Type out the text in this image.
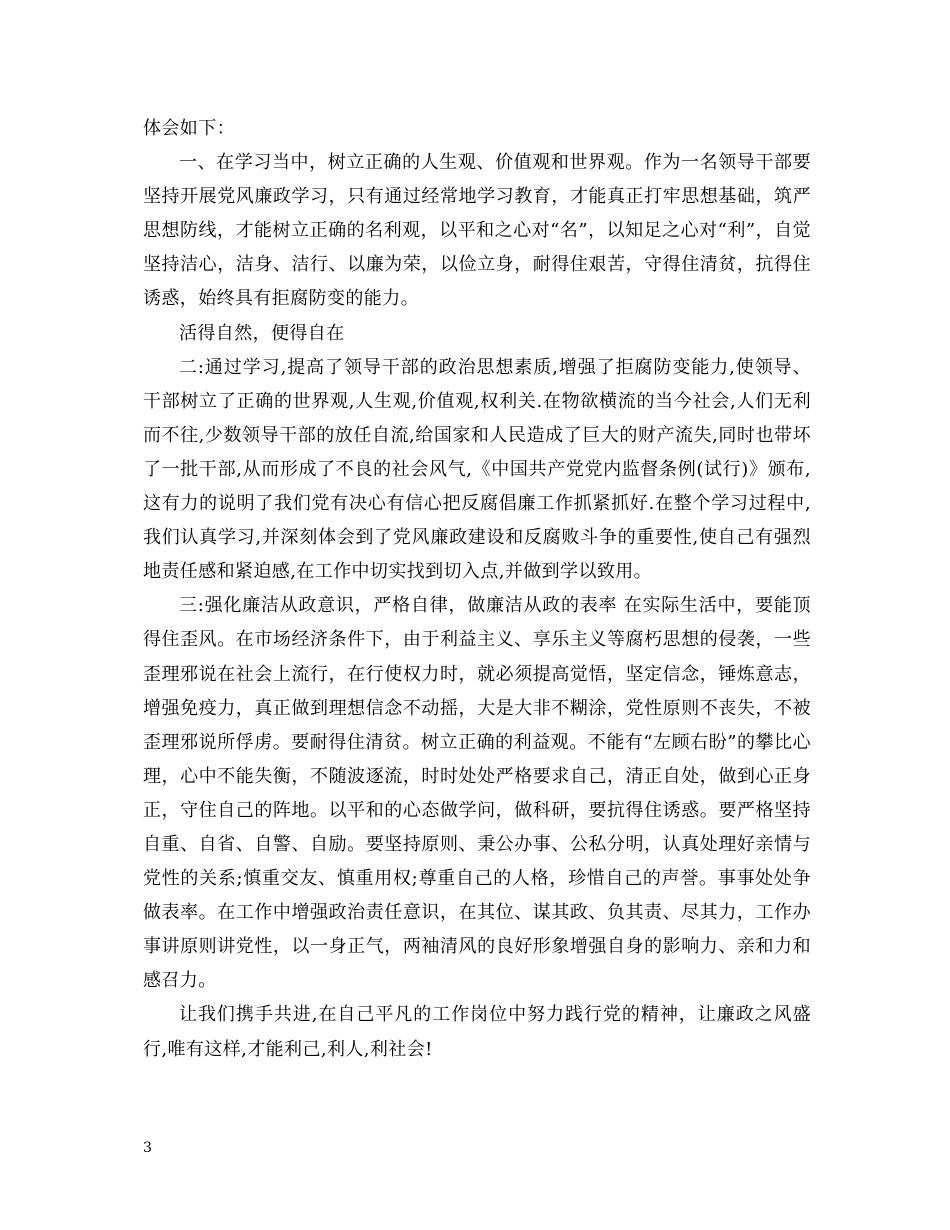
体会如下：

一、在学习当中，树立正确的人生观、价值观和世界观。作为一名领导干部要坚持开展党风廉政学习，只有通过经常地学习教育，才能真正打牢思想基础，筑严思想防线，才能树立正确的名利观，以平和之心对“名”，以知足之心对“利”，自觉坚持洁心，洁身、洁行、以廉为荣，以俭立身，耐得住艰苦，守得住清贫，抗得住诱惑，始终具有拒腐防变的能力。

活得自然，便得自在

二:通过学习,提高了领导干部的政治思想素质,增强了拒腐防变能力,使领导、干部树立了正确的世界观,人生观,价值观,权利关.在物欲横流的当今社会,人们无利而不往,少数领导干部的放任自流,给国家和人民造成了巨大的财产流失,同时也带坏了一批干部,从而形成了不良的社会风气,《中国共产党党内监督条例(试行)》颁布,这有力的说明了我们党有决心有信心把反腐倡廉工作抓紧抓好.在整个学习过程中,我们认真学习,并深刻体会到了党风廉政建设和反腐败斗争的重要性,使自己有强烈地责任感和紧迫感,在工作中切实找到切入点,并做到学以致用。

三:强化廉洁从政意识，严格自律，做廉洁从政的表率 在实际生活中，要能顶得住歪风。在市场经济条件下，由于利益主义、享乐主义等腐朽思想的侵袭，一些歪理邪说在社会上流行，在行使权力时，就必须提高觉悟，坚定信念，锤炼意志，增强免疫力，真正做到理想信念不动摇，大是大非不糊涂，党性原则不丧失，不被歪理邪说所俘虏。要耐得住清贫。树立正确的利益观。不能有“左顾右盼”的攀比心理，心中不能失衡，不随波逐流，时时处处严格要求自己，清正自处，做到心正身正，守住自己的阵地。以平和的心态做学问，做科研，要抗得住诱惑。要严格坚持自重、自省、自警、自励。要坚持原则、秉公办事、公私分明，认真处理好亲情与党性的关系;慎重交友、慎重用权;尊重自己的人格，珍惜自己的声誉。事事处处争做表率。在工作中增强政治责任意识，在其位、谋其政、负其责、尽其力，工作办事讲原则讲党性，以一身正气，两袖清风的良好形象增强自身的影响力、亲和力和感召力。

让我们携手共进,在自己平凡的工作岗位中努力践行党的精神，让廉政之风盛行,唯有这样,才能利己,利人,利社会!

3
